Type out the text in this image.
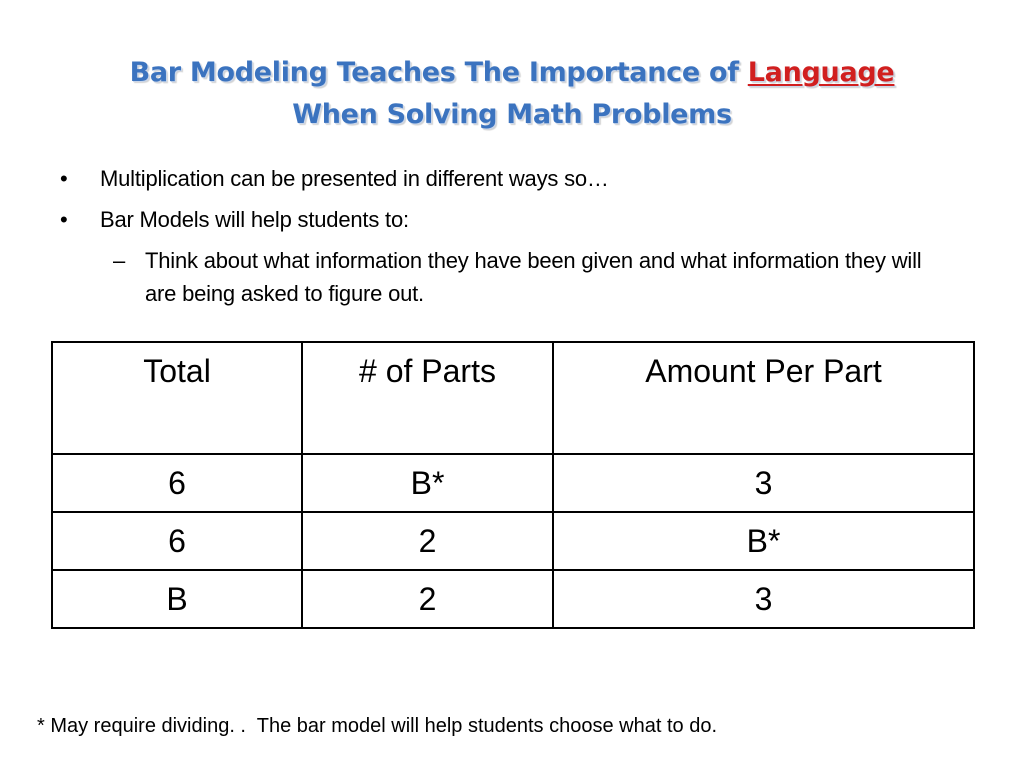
Bar Modeling Teaches The Importance of Language
When Solving Math Problems
•	Multiplication can be presented in different ways so…
•	Bar Models will help students to:
– Think about what information they have been given and what information they will are being asked to figure out.
Total	# of Parts	Amount Per Part
6	B*	3
6	2	B*
B	2	3
* May require dividing. .  The bar model will help students choose what to do.
